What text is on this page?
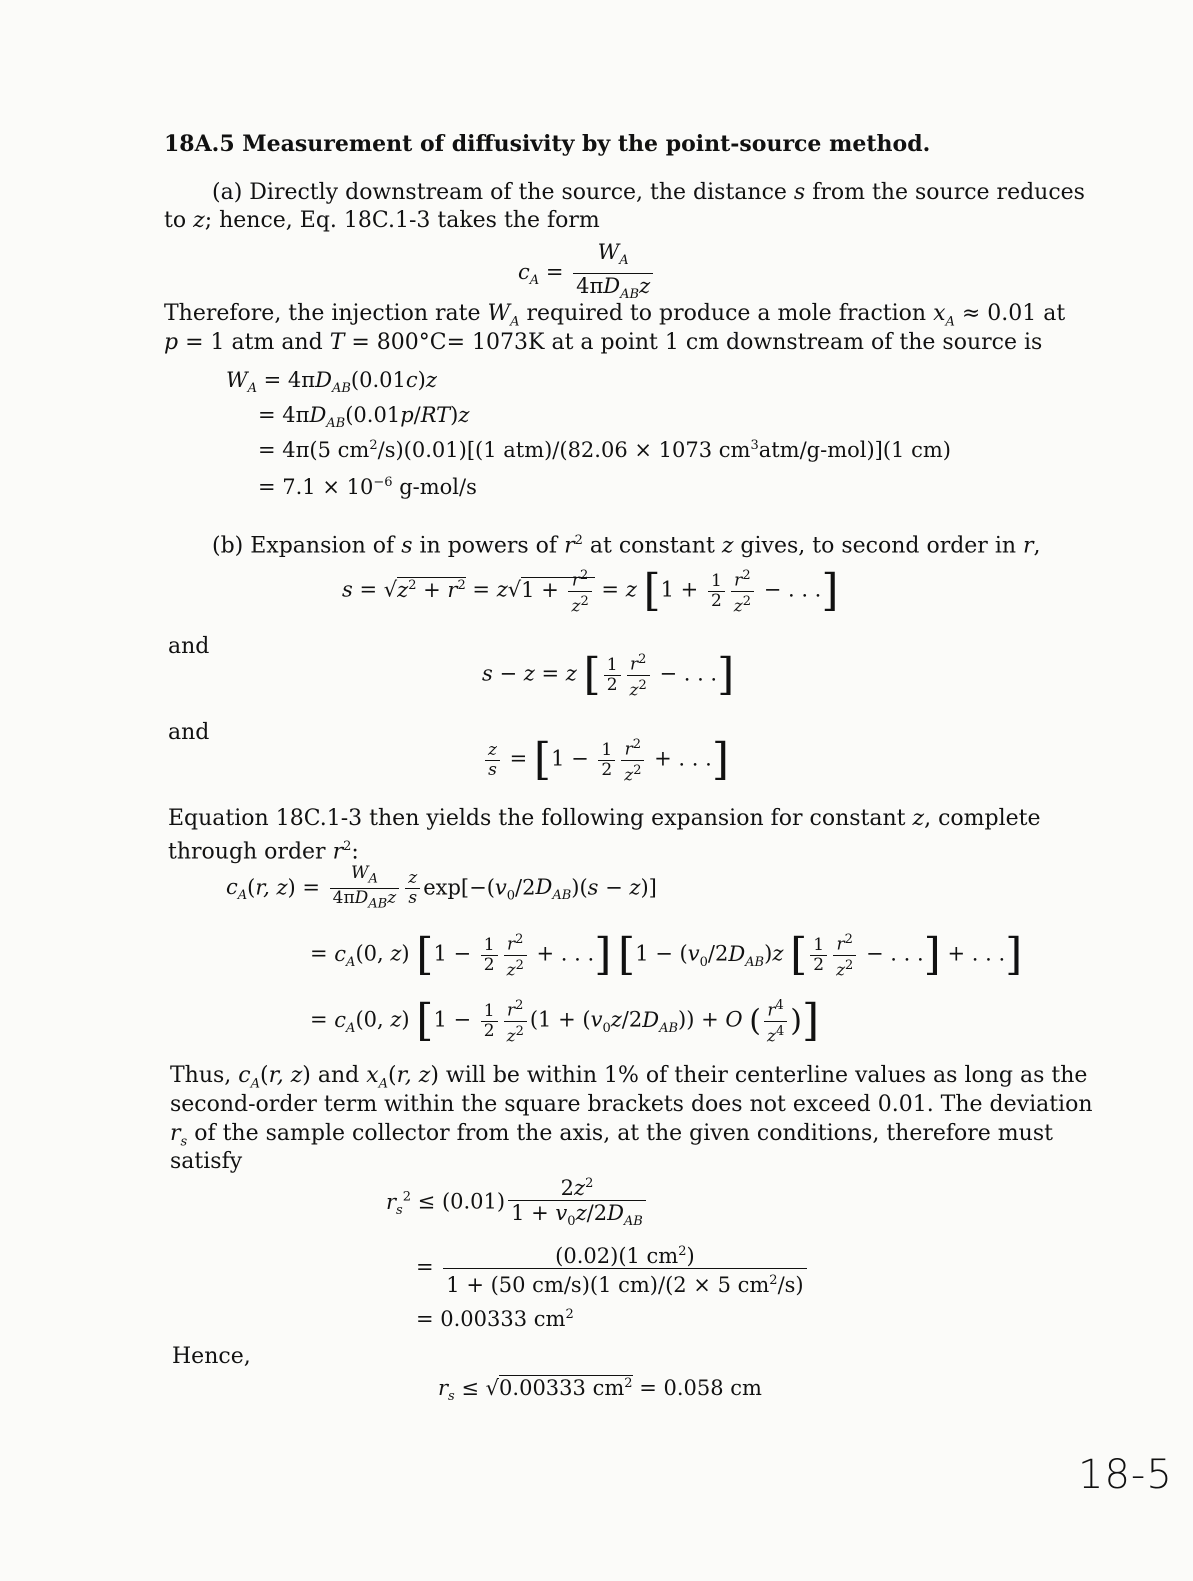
18A.5 Measurement of diffusivity by the point-source method.
(a) Directly downstream of the source, the distance s from the source reduces
to z; hence, Eq. 18C.1-3 takes the form
$c_A = \frac{W_A}{4\pi D_{AB}z}$
Therefore, the injection rate $W_A$ required to produce a mole fraction $x_A \approx 0.01$ at
p = 1 atm and T = 800°C= 1073K at a point 1 cm downstream of the source is
$W_A = 4\pi D_{AB}(0.01c)z$
= $4\pi D_{AB}(0.01p/RT)z$
= 4π(5 $cm^2/s)(0.01)[(1$ atm)/(82.06 × 1073 $cm^3atm/g-mol)](1$ cm)
= $7.1 \times 10^{-6}$ g-mol/s
(b) Expansion of s in powers of $r^2$ at constant z gives, to second order in r,
$s = √z^2 + r^2 = z√1 + \frac{r^2}{z^2} = z$ [$1 + \frac{1}{2} \frac{r^2}{z^2}$ − . . .]
and
s − z = z [ $\frac{1}{2} \frac{r^2}{z^2}$ − . . .]
and
$\frac{z}{s} = [1 - \frac{1}{2} \frac{r^2}{z^2}$ + . . .]
Equation 18C.1-3 then yields the following expansion for constant z, complete
through order $r^2$:
$c_A(r$, $z) = \frac{W_A}{4\pi D_{AB}z} \frac{z}{s} \exp[-(v_0/2D_{AB})(s - z)]$
= $c_A(0$, z) [$1 - \frac{1}{2} \frac{r^2}{z^2}$ + . . .] [$1 - (v_0/2D_{AB})z$ [ $\frac{1}{2} \frac{r^2}{z^2}$ − . . .] + . . .]
= $c_A(0$, z) [$1 - \frac{1}{2} \frac{r^2}{z^2} (1 + (v_0z/2D_{AB})) + O$ ( $\frac{r^4}{z^4}$ )]
Thus, $c_A(r$, z) and $x_A(r$, z) will be within 1% of their centerline values as long as the
second-order term within the square brackets does not exceed 0.01. The deviation
$r_s$ of the sample collector from the axis, at the given conditions, therefore must
satisfy
$r_s^2 \le (0.01) \frac{2z^2}{1 + v_0z/2D_{AB}}$
= $\frac{(0.02)(1 cm^2)}{1 + (50 cm/s)(1 cm)/(2 \times 5 cm^2/s)}$
= 0.00333 $cm^2$
Hence,
$r_s \le √0.00333$ $cm^2 = 0.058$ cm
18-5
